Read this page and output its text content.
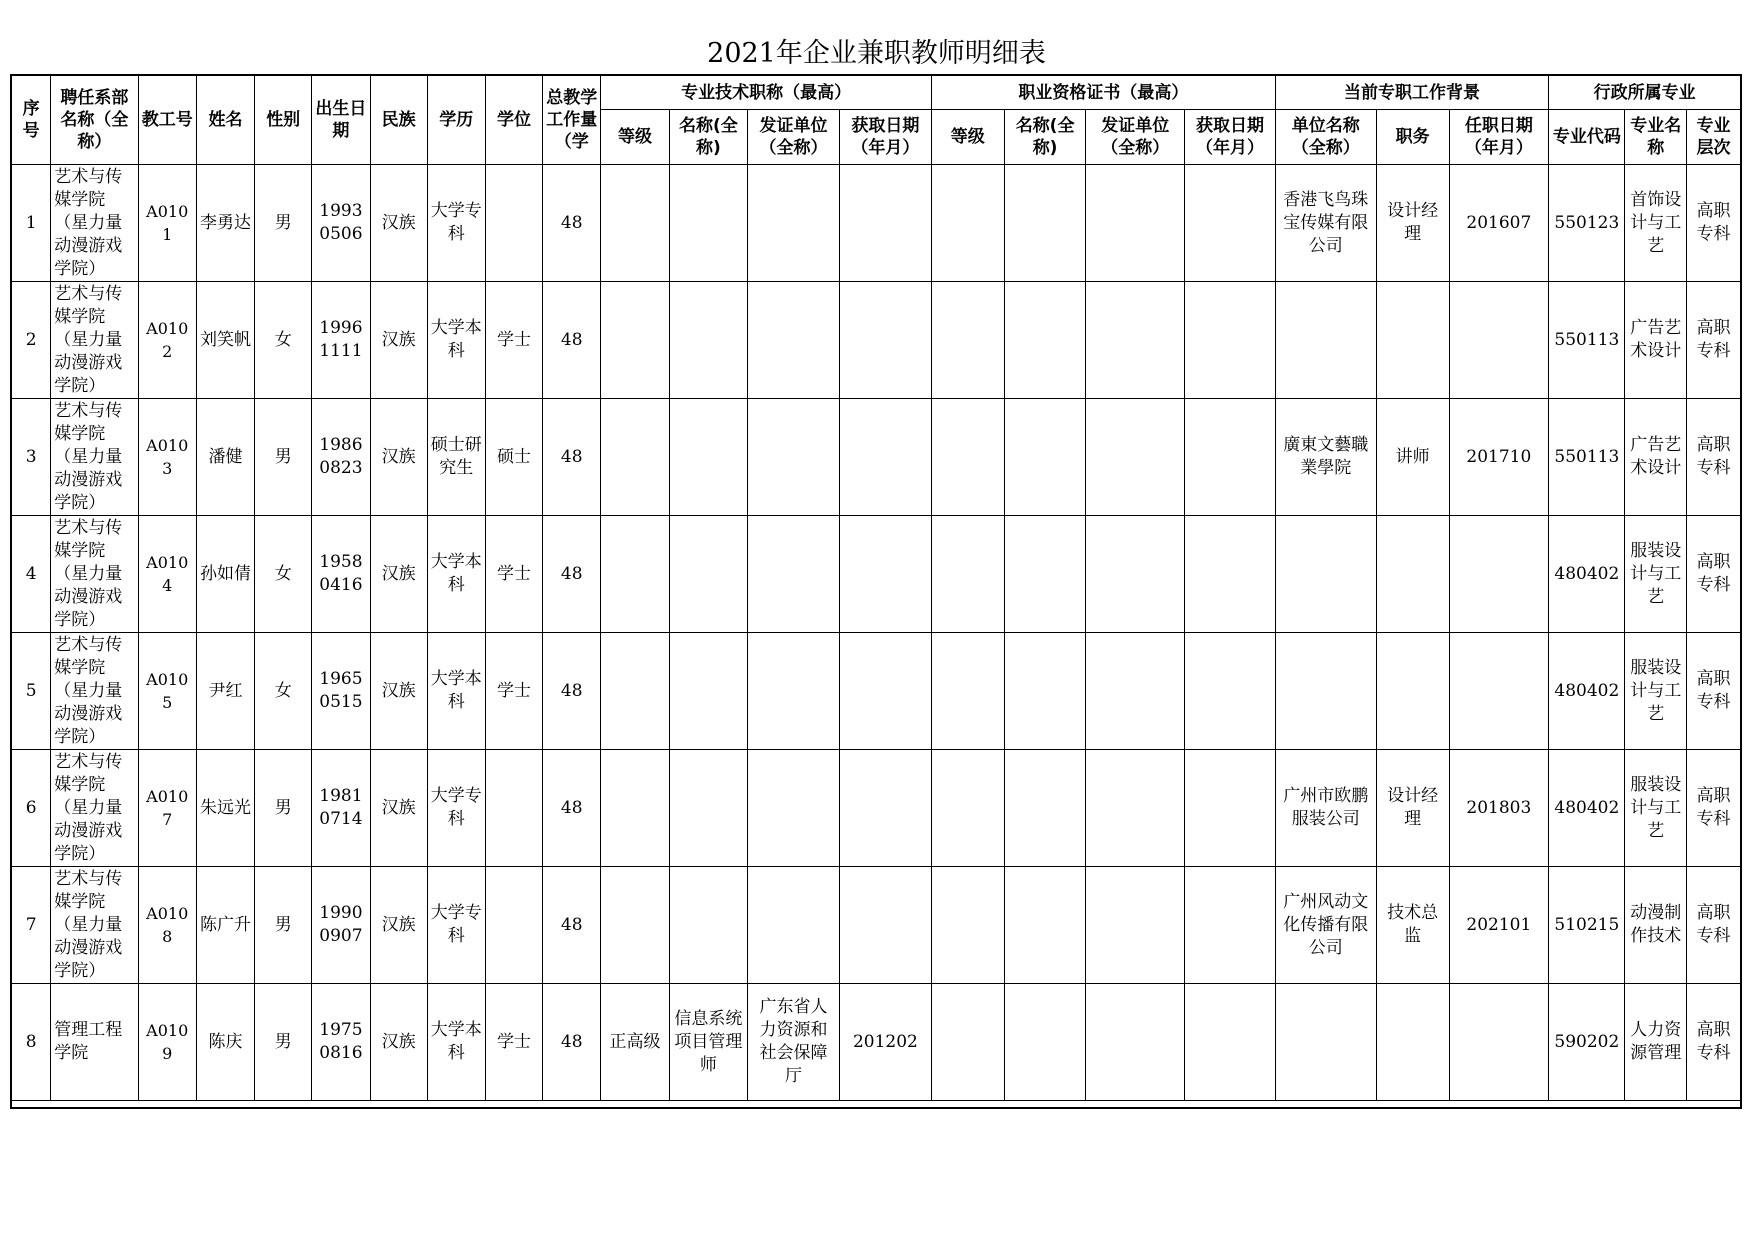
2021年企业兼职教师明细表
序号	聘任系部名称（全称）	教工号	姓名	性别	出生日期	民族	学历	学位	总教学工作量（学	专业技术职称（最高）				职业资格证书（最高）				当前专职工作背景			行政所属专业		
										等级	名称(全称)	发证单位（全称）	获取日期（年月）	等级	名称(全称)	发证单位（全称）	获取日期（年月）	单位名称（全称）	职务	任职日期（年月）	专业代码	专业名称	专业层次
1	艺术与传媒学院（星力量动漫游戏学院）	A0101	李勇达	男	19930506	汉族	大学专科		48									香港飞鸟珠宝传媒有限公司	设计经理	201607	550123	首饰设计与工艺	高职专科
2	艺术与传媒学院（星力量动漫游戏学院）	A0102	刘笑帆	女	19961111	汉族	大学本科	学士	48												550113	广告艺术设计	高职专科
3	艺术与传媒学院（星力量动漫游戏学院）	A0103	潘健	男	19860823	汉族	硕士研究生	硕士	48									廣東文藝職業學院	讲师	201710	550113	广告艺术设计	高职专科
4	艺术与传媒学院（星力量动漫游戏学院）	A0104	孙如倩	女	19580416	汉族	大学本科	学士	48												480402	服装设计与工艺	高职专科
5	艺术与传媒学院（星力量动漫游戏学院）	A0105	尹红	女	19650515	汉族	大学本科	学士	48												480402	服装设计与工艺	高职专科
6	艺术与传媒学院（星力量动漫游戏学院）	A0107	朱远光	男	19810714	汉族	大学专科		48									广州市欧鹏服装公司	设计经理	201803	480402	服装设计与工艺	高职专科
7	艺术与传媒学院（星力量动漫游戏学院）	A0108	陈广升	男	19900907	汉族	大学专科		48									广州风动文化传播有限公司	技术总监	202101	510215	动漫制作技术	高职专科
8	管理工程学院	A0109	陈庆	男	19750816	汉族	大学本科	学士	48	正高级	信息系统项目管理师	广东省人力资源和社会保障厅	201202								590202	人力资源管理	高职专科
